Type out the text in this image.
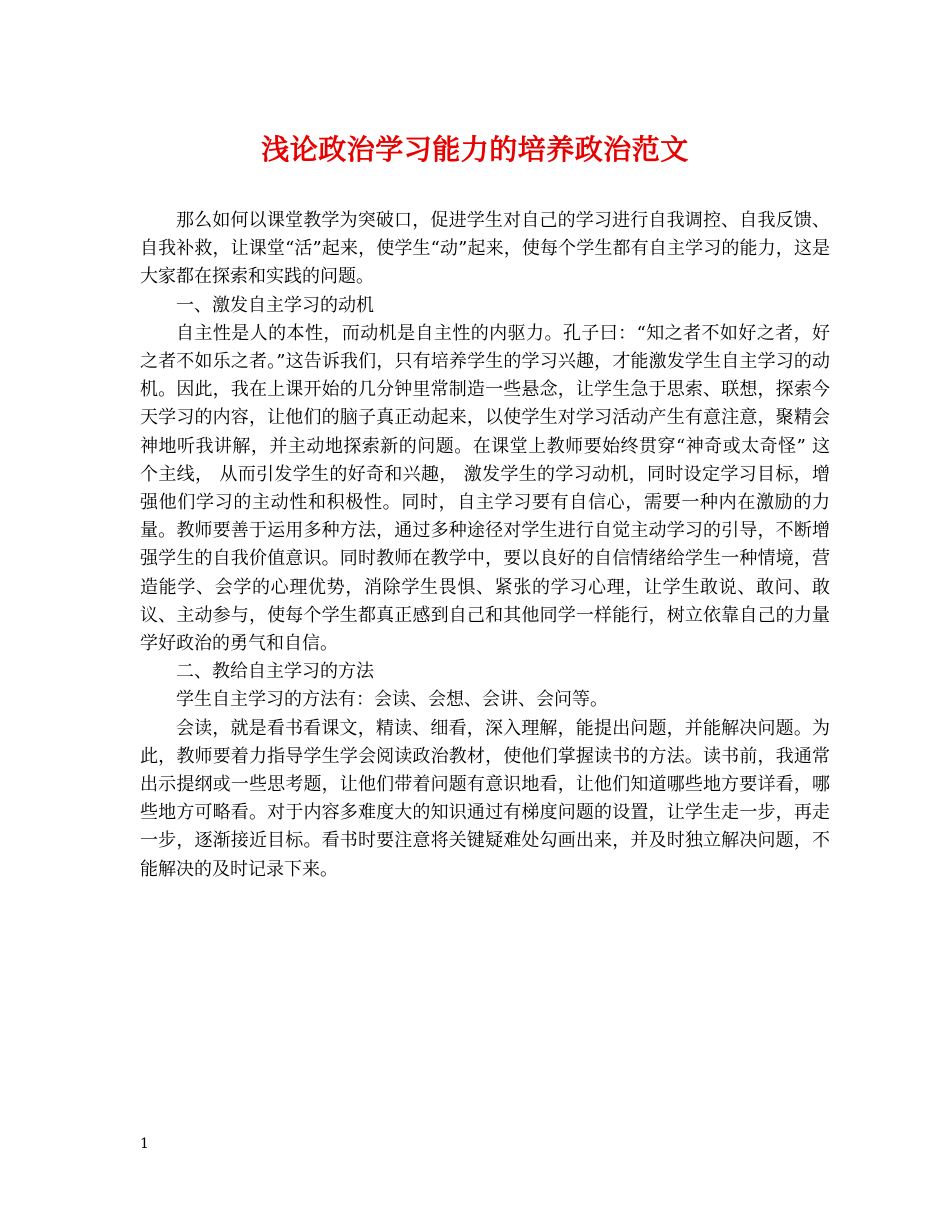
浅论政治学习能力的培养政治范文

那么如何以课堂教学为突破口，促进学生对自己的学习进行自我调控、自我反馈、自我补救，让课堂“活”起来，使学生“动”起来，使每个学生都有自主学习的能力，这是大家都在探索和实践的问题。

一、激发自主学习的动机

自主性是人的本性，而动机是自主性的内驱力。孔子曰：“知之者不如好之者，好之者不如乐之者。”这告诉我们，只有培养学生的学习兴趣，才能激发学生自主学习的动机。因此，我在上课开始的几分钟里常制造一些悬念，让学生急于思索、联想，探索今天学习的内容，让他们的脑子真正动起来，以使学生对学习活动产生有意注意，聚精会神地听我讲解，并主动地探索新的问题。在课堂上教师要始终贯穿“神奇或太奇怪” 这个主线， 从而引发学生的好奇和兴趣， 激发学生的学习动机，同时设定学习目标，增强他们学习的主动性和积极性。同时，自主学习要有自信心，需要一种内在激励的力量。教师要善于运用多种方法，通过多种途径对学生进行自觉主动学习的引导，不断增强学生的自我价值意识。同时教师在教学中，要以良好的自信情绪给学生一种情境，营造能学、会学的心理优势，消除学生畏惧、紧张的学习心理，让学生敢说、敢问、敢议、主动参与，使每个学生都真正感到自己和其他同学一样能行，树立依靠自己的力量学好政治的勇气和自信。

二、教给自主学习的方法

学生自主学习的方法有：会读、会想、会讲、会问等。

会读，就是看书看课文，精读、细看，深入理解，能提出问题，并能解决问题。为此，教师要着力指导学生学会阅读政治教材，使他们掌握读书的方法。读书前，我通常出示提纲或一些思考题，让他们带着问题有意识地看，让他们知道哪些地方要详看，哪些地方可略看。对于内容多难度大的知识通过有梯度问题的设置，让学生走一步，再走一步，逐渐接近目标。看书时要注意将关键疑难处勾画出来，并及时独立解决问题，不能解决的及时记录下来。

1
